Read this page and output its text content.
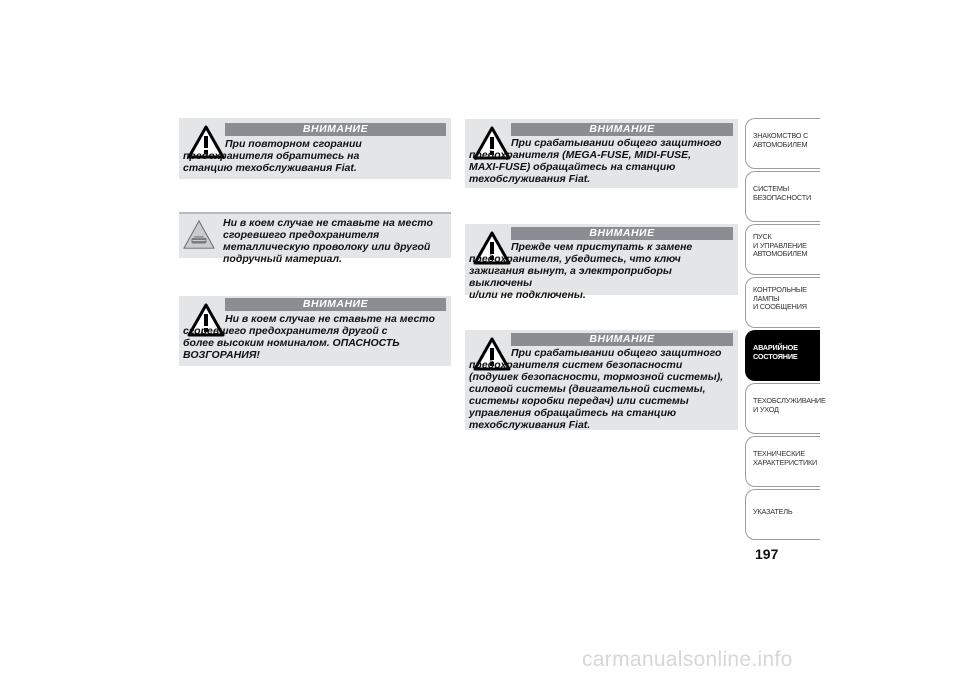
ВНИМАНИЕ
При повторном сгорании
предохранителя обратитесь на
станцию техобслуживания Fiat.
Ни в коем случае не ставьте на место
сгоревшего предохранителя
металлическую проволоку или другой
подручный материал.
ВНИМАНИЕ
Ни в коем случае не ставьте на место
сгоревшего предохранителя другой с
более высоким номиналом. ОПАСНОСТЬ
ВОЗГОРАНИЯ!
ВНИМАНИЕ
При срабатывании общего защитного
предохранителя (MEGA-FUSE, MIDI-FUSE,
MAXI-FUSE) обращайтесь на станцию
техобслуживания Fiat.
ВНИМАНИЕ
Прежде чем приступать к замене
предохранителя, убедитесь, что ключ
зажигания вынут, а электроприборы выключены
и/или не подключены.
ВНИМАНИЕ
При срабатывании общего защитного
предохранителя систем безопасности
(подушек безопасности, тормозной системы),
силовой системы (двигательной системы,
системы коробки передач) или системы
управления обращайтесь на станцию
техобслуживания Fiat.
ЗНАКОМСТВО С
АВТОМОБИЛЕМ
СИСТЕМЫ
БЕЗОПАСНОСТИ
ПУСК
И УПРАВЛЕНИЕ
АВТОМОБИЛЕМ
КОНТРОЛЬНЫЕ
ЛАМПЫ
И СООБЩЕНИЯ
АВАРИЙНОЕ
СОСТОЯНИЕ
ТЕХОБСЛУЖИВАНИЕ
И УХОД
ТЕХНИЧЕСКИЕ
ХАРАКТЕРИСТИКИ
УКАЗАТЕЛЬ
197
carmanualsonline.info
